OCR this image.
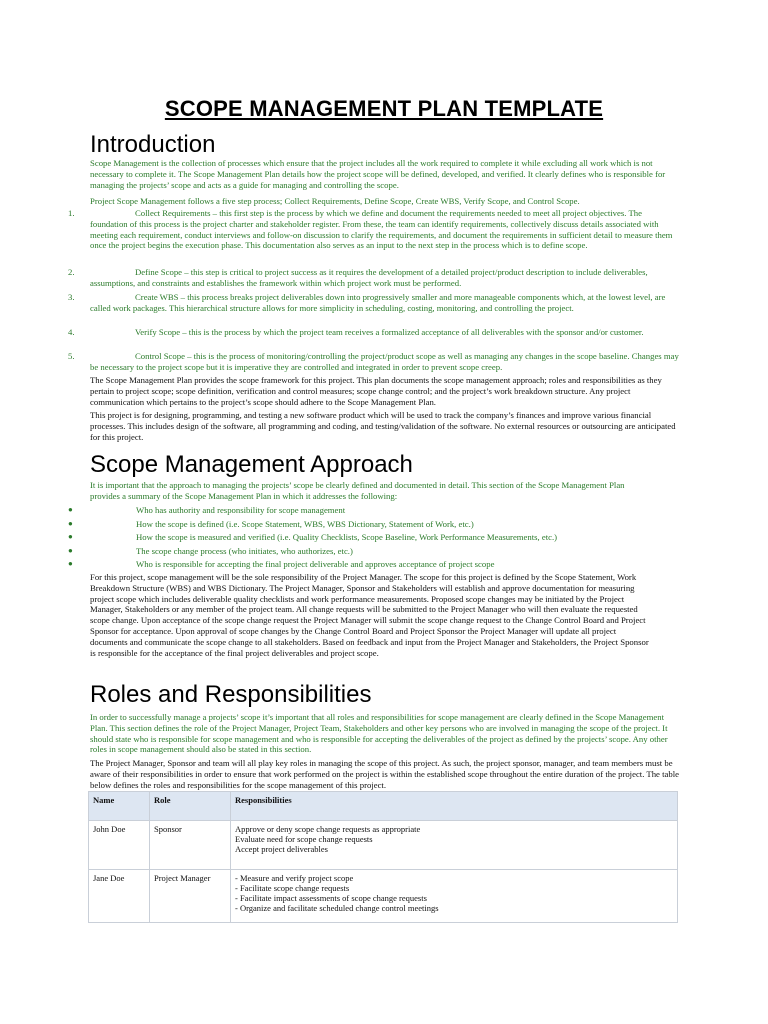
SCOPE MANAGEMENT PLAN TEMPLATE
Introduction
Scope Management is the collection of processes which ensure that the project includes all the work required to complete it while excluding all work which is not necessary to complete it. The Scope Management Plan details how the project scope will be defined, developed, and verified. It clearly defines who is responsible for managing the projects’ scope and acts as a guide for managing and controlling the scope.
Project Scope Management follows a five step process; Collect Requirements, Define Scope, Create WBS, Verify Scope, and Control Scope.
1.	Collect Requirements – this first step is the process by which we define and document the requirements needed to meet all project objectives. The foundation of this process is the project charter and stakeholder register. From these, the team can identify requirements, collectively discuss details associated with meeting each requirement, conduct interviews and follow-on discussion to clarify the requirements, and document the requirements in sufficient detail to measure them once the project begins the execution phase. This documentation also serves as an input to the next step in the process which is to define scope.
2.	Define Scope – this step is critical to project success as it requires the development of a detailed project/product description to include deliverables, assumptions, and constraints and establishes the framework within which project work must be performed.
3.	Create WBS – this process breaks project deliverables down into progressively smaller and more manageable components which, at the lowest level, are called work packages. This hierarchical structure allows for more simplicity in scheduling, costing, monitoring, and controlling the project.
4.	Verify Scope – this is the process by which the project team receives a formalized acceptance of all deliverables with the sponsor and/or customer.
5.	Control Scope – this is the process of monitoring/controlling the project/product scope as well as managing any changes in the scope baseline. Changes may be necessary to the project scope but it is imperative they are controlled and integrated in order to prevent scope creep.
The Scope Management Plan provides the scope framework for this project. This plan documents the scope management approach; roles and responsibilities as they pertain to project scope; scope definition, verification and control measures; scope change control; and the project’s work breakdown structure. Any project communication which pertains to the project’s scope should adhere to the Scope Management Plan.
This project is for designing, programming, and testing a new software product which will be used to track the company’s finances and improve various financial processes. This includes design of the software, all programming and coding, and testing/validation of the software. No external resources or outsourcing are anticipated for this project.
Scope Management Approach
It is important that the approach to managing the projects’ scope be clearly defined and documented in detail. This section of the Scope Management Plan provides a summary of the Scope Management Plan in which it addresses the following:
●	Who has authority and responsibility for scope management
●	How the scope is defined (i.e. Scope Statement, WBS, WBS Dictionary, Statement of Work, etc.)
●	How the scope is measured and verified (i.e. Quality Checklists, Scope Baseline, Work Performance Measurements, etc.)
●	The scope change process (who initiates, who authorizes, etc.)
●	Who is responsible for accepting the final project deliverable and approves acceptance of project scope
For this project, scope management will be the sole responsibility of the Project Manager. The scope for this project is defined by the Scope Statement, Work Breakdown Structure (WBS) and WBS Dictionary. The Project Manager, Sponsor and Stakeholders will establish and approve documentation for measuring project scope which includes deliverable quality checklists and work performance measurements. Proposed scope changes may be initiated by the Project Manager, Stakeholders or any member of the project team. All change requests will be submitted to the Project Manager who will then evaluate the requested scope change. Upon acceptance of the scope change request the Project Manager will submit the scope change request to the Change Control Board and Project Sponsor for acceptance. Upon approval of scope changes by the Change Control Board and Project Sponsor the Project Manager will update all project documents and communicate the scope change to all stakeholders. Based on feedback and input from the Project Manager and Stakeholders, the Project Sponsor is responsible for the acceptance of the final project deliverables and project scope.
Roles and Responsibilities
In order to successfully manage a projects’ scope it’s important that all roles and responsibilities for scope management are clearly defined in the Scope Management Plan. This section defines the role of the Project Manager, Project Team, Stakeholders and other key persons who are involved in managing the scope of the project. It should state who is responsible for scope management and who is responsible for accepting the deliverables of the project as defined by the projects’ scope. Any other roles in scope management should also be stated in this section.
The Project Manager, Sponsor and team will all play key roles in managing the scope of this project. As such, the project sponsor, manager, and team members must be aware of their responsibilities in order to ensure that work performed on the project is within the established scope throughout the entire duration of the project. The table below defines the roles and responsibilities for the scope management of this project.
Name	Role	Responsibilities
John Doe	Sponsor	Approve or deny scope change requests as appropriate
Evaluate need for scope change requests
Accept project deliverables

Jane Doe	Project Manager	- Measure and verify project scope
- Facilitate scope change requests
- Facilitate impact assessments of scope change requests
- Organize and facilitate scheduled change control meetings
